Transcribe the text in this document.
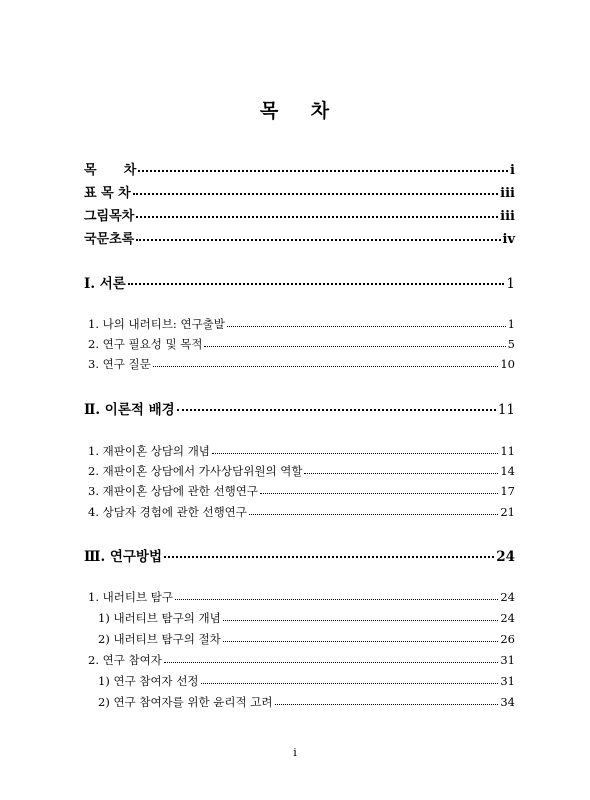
목 차
목      차	i
표 목 차	iii
그림목차	iii
국문초록	iv
Ⅰ. 서론	1
1. 나의 내러티브: 연구출발	1
2. 연구 필요성 및 목적	5
3. 연구 질문	10
Ⅱ. 이론적 배경	11
1. 재판이혼 상담의 개념	11
2. 재판이혼 상담에서 가사상담위원의 역할	14
3. 재판이혼 상담에 관한 선행연구	17
4. 상담자 경험에 관한 선행연구	21
Ⅲ. 연구방법	24
1. 내러티브 탐구	24
1) 내러티브 탐구의 개념	24
2) 내러티브 탐구의 절차	26
2. 연구 참여자	31
1) 연구 참여자 선정	31
2) 연구 참여자를 위한 윤리적 고려	34
i
